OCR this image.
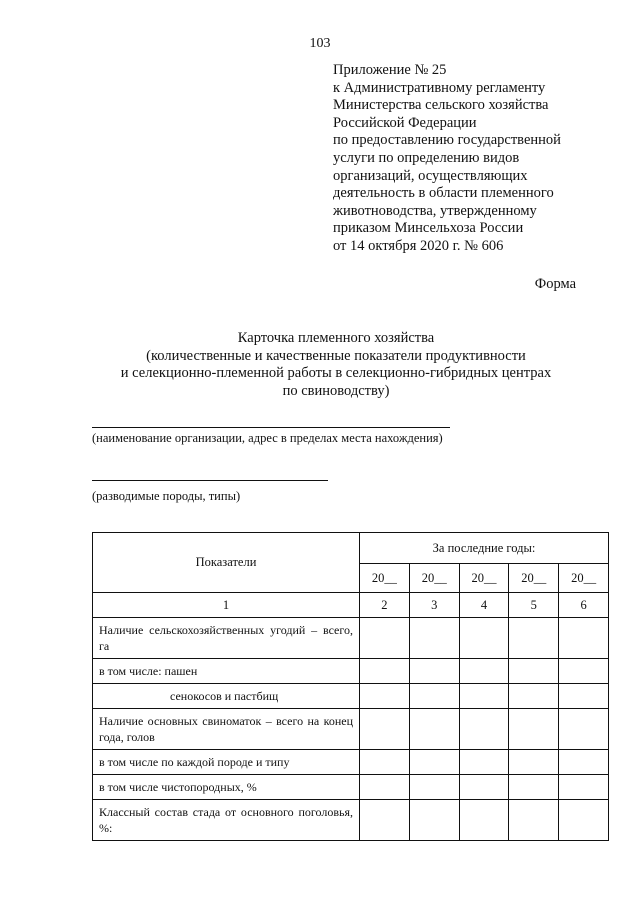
103
Приложение № 25
к Административному регламенту
Министерства сельского хозяйства
Российской Федерации
по предоставлению государственной
услуги по определению видов
организаций, осуществляющих
деятельность в области племенного
животноводства, утвержденному
приказом Минсельхоза России
от 14 октября 2020 г. № 606
Форма
Карточка племенного хозяйства
(количественные и качественные показатели продуктивности
и селекционно-племенной работы в селекционно-гибридных центрах
по свиноводству)
(наименование организации, адрес в пределах места нахождения)
(разводимые породы, типы)
Показатели	За последние годы:				
	20__	20__	20__	20__	20__
1	2	3	4	5	6
Наличие сельскохозяйственных угодий – всего, га					
в том числе: пашен					
сенокосов и пастбищ					
Наличие основных свиноматок – всего на конец года, голов					
в том числе по каждой породе и типу					
в том числе чистопородных, %					
Классный состав стада от основного поголовья, %:					
